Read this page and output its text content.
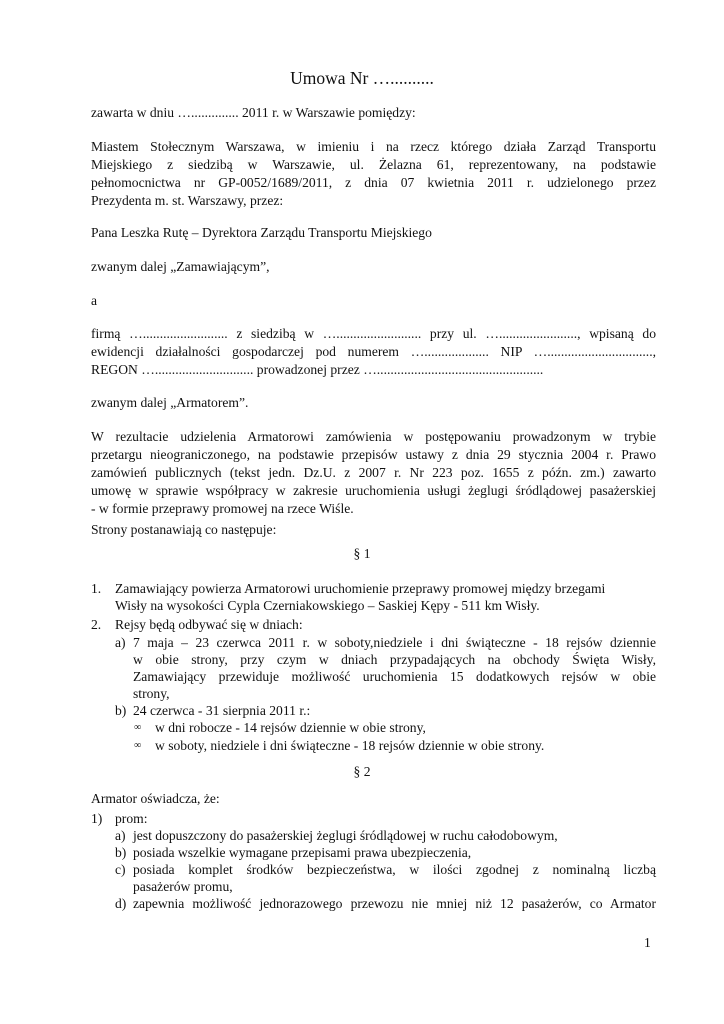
Umowa Nr …..........
zawarta w dniu ….............. 2011 r. w Warszawie pomiędzy:
Miastem Stołecznym Warszawa, w imieniu i na rzecz którego działa Zarząd Transportu
Miejskiego z siedzibą w Warszawie, ul. Żelazna 61, reprezentowany, na podstawie
pełnomocnictwa nr GP-0052/1689/2011, z dnia 07 kwietnia 2011 r. udzielonego przez
Prezydenta m. st. Warszawy, przez:
Pana Leszka Rutę – Dyrektora Zarządu Transportu Miejskiego
zwanym dalej „Zamawiającym”,
a
firmą …......................... z siedzibą w …......................... przy ul. …......................., wpisaną do
ewidencji działalności gospodarczej pod numerem …................... NIP …...............................,
REGON …............................. prowadzonej przez ….................................................
zwanym dalej „Armatorem”.
W rezultacie udzielenia Armatorowi zamówienia w postępowaniu prowadzonym w trybie
przetargu nieograniczonego, na podstawie przepisów ustawy z dnia 29 stycznia 2004 r. Prawo
zamówień publicznych (tekst jedn. Dz.U. z 2007 r. Nr 223 poz. 1655 z późn. zm.) zawarto
umowę w sprawie współpracy w zakresie uruchomienia usługi żeglugi śródlądowej pasażerskiej
- w formie przeprawy promowej na rzece Wiśle.
Strony postanawiają co następuje:
§ 1
1. Zamawiający powierza Armatorowi uruchomienie przeprawy promowej między brzegami
Wisły na wysokości Cypla Czerniakowskiego – Saskiej Kępy - 511 km Wisły.
2. Rejsy będą odbywać się w dniach:
a) 7 maja – 23 czerwca 2011 r. w soboty,niedziele i dni świąteczne - 18 rejsów dziennie
w obie strony, przy czym w dniach przypadających na obchody Święta Wisły,
Zamawiający przewiduje możliwość uruchomienia 15 dodatkowych rejsów w obie
strony,
b) 24 czerwca - 31 sierpnia 2011 r.:
∞ w dni robocze - 14 rejsów dziennie w obie strony,
∞ w soboty, niedziele i dni świąteczne - 18 rejsów dziennie w obie strony.
§ 2
Armator oświadcza, że:
1) prom:
a) jest dopuszczony do pasażerskiej żeglugi śródlądowej w ruchu całodobowym,
b) posiada wszelkie wymagane przepisami prawa ubezpieczenia,
c) posiada komplet środków bezpieczeństwa, w ilości zgodnej z nominalną liczbą
pasażerów promu,
d) zapewnia możliwość jednorazowego przewozu nie mniej niż 12 pasażerów, co Armator
1
